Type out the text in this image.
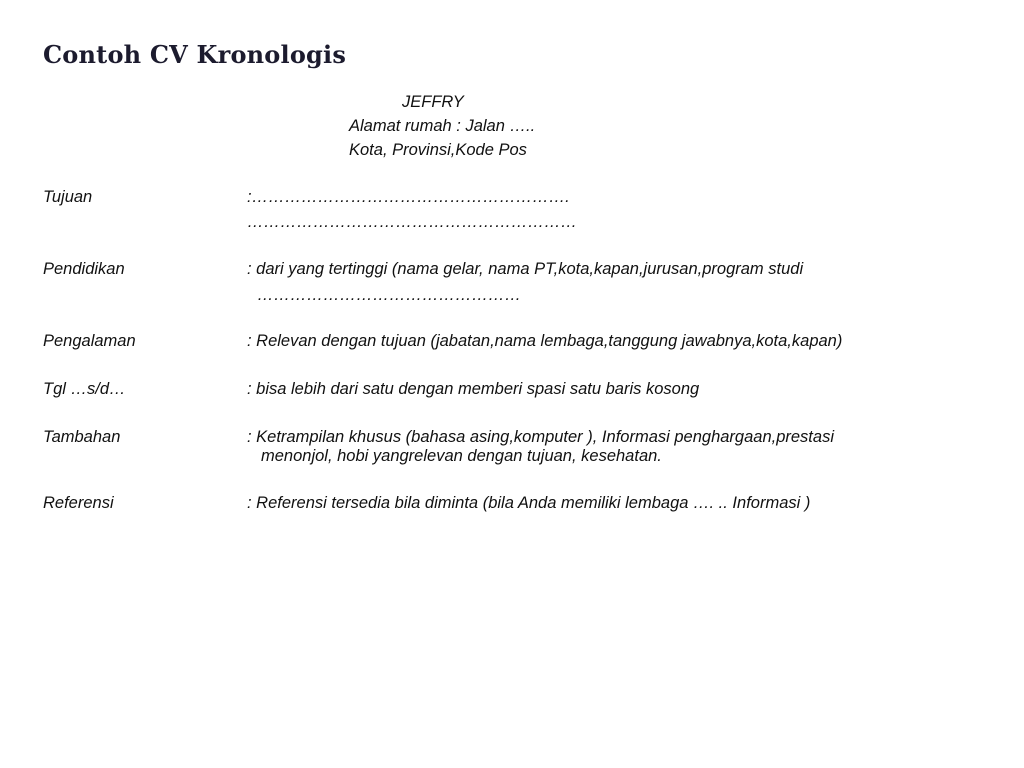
Contoh CV Kronologis
JEFFRY
Alamat rumah : Jalan …..
Kota, Provinsi,Kode Pos
Tujuan	:………………………………………………….
……………………………………………………
Pendidikan	: dari yang tertinggi (nama gelar, nama PT,kota,kapan,jurusan,program studi
…………………………………………
Pengalaman	: Relevan dengan tujuan (jabatan,nama lembaga,tanggung jawabnya,kota,kapan)
Tgl …s/d…	: bisa lebih dari satu dengan memberi spasi satu baris kosong
Tambahan	: Ketrampilan khusus (bahasa asing,komputer ), Informasi penghargaan,prestasi
menonjol, hobi yangrelevan dengan tujuan, kesehatan.
Referensi	: Referensi tersedia bila diminta (bila Anda memiliki lembaga …. .. Informasi )
